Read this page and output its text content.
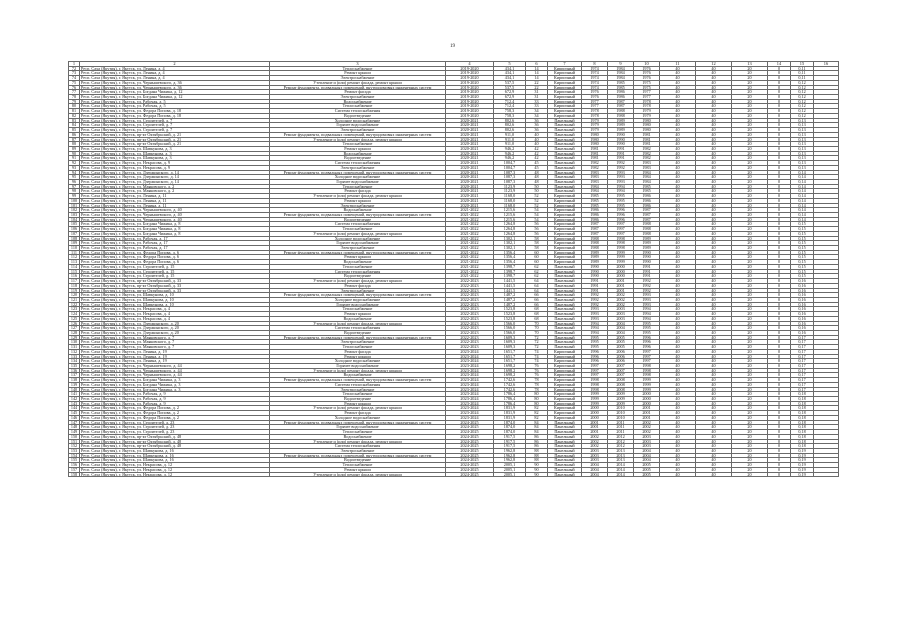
19
1	2	3	4	5	6	7	8	9	10	11	12	13	14	15	16
72	Респ. Саха (Якутия), г. Якутск, ул. Ленина, д. 4	Теплоснабжение	2019-2020	434,1	14	Кирпичный	1974	1984	1976	40	40	20	0	0,11	
73	Респ. Саха (Якутия), г. Якутск, ул. Ленина, д. 4	Ремонт крыши	2019-2020	434,1	14	Кирпичный	1974	1984	1976	40	40	20	0	0,11	
74	Респ. Саха (Якутия), г. Якутск, ул. Ленина, д. 4	Электроснабжение	2019-2020	434,1	14	Кирпичный	1974	1984	1976	40	40	20	0	0,11	
75	Респ. Саха (Якутия), г. Якутск, ул. Чернышевского, д. 36	Утепление и (или) ремонт фасада, ремонт крыши	2019-2020	537,5	22	Кирпичный	1974	1985	1975	40	40	20	0	0,12	
76	Респ. Саха (Якутия), г. Якутск, ул. Чернышевского, д. 36	Ремонт фундамента, подвальных помещений, внутридомовых инженерных систем	2019-2020	537,5	22	Кирпичный	1974	1985	1975	40	40	20	0	0,12	
77	Респ. Саха (Якутия), г. Якутск, ул. Богдана Чижика, д. 12	Ремонт фасада	2019-2020	672,9	31	Кирпичный	1976	1986	1977	40	40	20	0	0,12	
78	Респ. Саха (Якутия), г. Якутск, ул. Богдана Чижика, д. 12	Электроснабжение	2019-2020	672,9	31	Кирпичный	1976	1986	1977	40	40	20	0	0,12	
79	Респ. Саха (Якутия), г. Якутск, ул. Рабочая, д. 5	Водоснабжение	2019-2020	712,4	33	Кирпичный	1977	1987	1978	40	40	20	0	0,12	
80	Респ. Саха (Якутия), г. Якутск, ул. Рабочая, д. 5	Теплоснабжение	2019-2020	712,4	33	Кирпичный	1977	1987	1978	40	40	20	0	0,12	
81	Респ. Саха (Якутия), г. Якутск, ул. Федора Попова, д. 18	Система теплоснабжения	2019-2020	758,3	34	Кирпичный	1978	1988	1979	40	40	20	0	0,12	
82	Респ. Саха (Якутия), г. Якутск, ул. Федора Попова, д. 18	Водоотведение	2019-2020	758,3	34	Кирпичный	1978	1988	1979	40	40	20	0	0,12	
83	Респ. Саха (Якутия), г. Якутск, ул. Строителей, д. 7	Холодное водоснабжение	2020-2021	802,6	36	Панельный	1979	1989	1980	40	40	20	0	0,13	
84	Респ. Саха (Якутия), г. Якутск, ул. Строителей, д. 7	Горячее водоснабжение	2020-2021	802,6	36	Панельный	1979	1989	1980	40	40	20	0	0,13	
85	Респ. Саха (Якутия), г. Якутск, ул. Строителей, д. 7	Электроснабжение	2020-2021	802,6	36	Панельный	1979	1989	1980	40	40	20	0	0,13	
86	Респ. Саха (Якутия), г. Якутск, пр-кт Октябрьский, д. 21	Ремонт фундамента, подвальных помещений, внутридомовых инженерных систем	2020-2021	911,0	40	Панельный	1980	1990	1981	40	40	20	0	0,13	
87	Респ. Саха (Якутия), г. Якутск, пр-кт Октябрьский, д. 21	Утепление и (или) ремонт фасада, ремонт крыши	2020-2021	911,0	40	Панельный	1980	1990	1981	40	40	20	0	0,13	
88	Респ. Саха (Якутия), г. Якутск, пр-кт Октябрьский, д. 21	Теплоснабжение	2020-2021	911,0	40	Панельный	1980	1990	1981	40	40	20	0	0,13	
89	Респ. Саха (Якутия), г. Якутск, ул. Шавкунова, д. 3	Ремонт крыши	2020-2021	946,2	42	Панельный	1981	1991	1982	40	40	20	0	0,13	
90	Респ. Саха (Якутия), г. Якутск, ул. Шавкунова, д. 3	Водоснабжение	2020-2021	946,2	42	Панельный	1981	1991	1982	40	40	20	0	0,13	
91	Респ. Саха (Якутия), г. Якутск, ул. Шавкунова, д. 3	Водоотведение	2020-2021	946,2	42	Панельный	1981	1991	1982	40	40	20	0	0,13	
92	Респ. Саха (Якутия), г. Якутск, ул. Некрасова, д. 9	Система теплоснабжения	2020-2021	1004,7	45	Панельный	1982	1992	1983	40	40	20	0	0,13	
93	Респ. Саха (Якутия), г. Якутск, ул. Некрасова, д. 9	Электроснабжение	2020-2021	1004,7	45	Панельный	1982	1992	1983	40	40	20	0	0,13	
94	Респ. Саха (Якутия), г. Якутск, ул. Дзержинского, д. 14	Ремонт фундамента, подвальных помещений, внутридомовых инженерных систем	2020-2021	1087,3	48	Панельный	1983	1993	1984	40	40	20	0	0,14	
95	Респ. Саха (Якутия), г. Якутск, ул. Дзержинского, д. 14	Холодное водоснабжение	2020-2021	1087,3	48	Панельный	1983	1993	1984	40	40	20	0	0,14	
96	Респ. Саха (Якутия), г. Якутск, ул. Дзержинского, д. 14	Горячее водоснабжение	2020-2021	1087,3	48	Панельный	1983	1993	1984	40	40	20	0	0,14	
97	Респ. Саха (Якутия), г. Якутск, ул. Маяковского, д. 2	Теплоснабжение	2020-2021	1123,9	50	Панельный	1984	1994	1985	40	40	20	0	0,14	
98	Респ. Саха (Якутия), г. Якутск, ул. Маяковского, д. 2	Ремонт фасада	2020-2021	1123,9	50	Панельный	1984	1994	1985	40	40	20	0	0,14	
99	Респ. Саха (Якутия), г. Якутск, ул. Ленина, д. 11	Утепление и (или) ремонт фасада, ремонт крыши	2020-2021	1168,0	52	Кирпичный	1985	1995	1986	40	40	20	0	0,14	
100	Респ. Саха (Якутия), г. Якутск, ул. Ленина, д. 11	Ремонт крыши	2020-2021	1168,0	52	Кирпичный	1985	1995	1986	40	40	20	0	0,14	
101	Респ. Саха (Якутия), г. Якутск, ул. Ленина, д. 11	Электроснабжение	2020-2021	1168,0	52	Кирпичный	1985	1995	1986	40	40	20	0	0,14	
102	Респ. Саха (Якутия), г. Якутск, ул. Чернышевского, д. 40	Водоснабжение	2021-2022	1215,6	54	Кирпичный	1986	1996	1987	40	40	20	0	0,14	
103	Респ. Саха (Якутия), г. Якутск, ул. Чернышевского, д. 40	Ремонт фундамента, подвальных помещений, внутридомовых инженерных систем	2021-2022	1215,6	54	Кирпичный	1986	1996	1987	40	40	20	0	0,14	
104	Респ. Саха (Якутия), г. Якутск, ул. Чернышевского, д. 40	Водоотведение	2021-2022	1215,6	54	Кирпичный	1986	1996	1987	40	40	20	0	0,14	
105	Респ. Саха (Якутия), г. Якутск, ул. Богдана Чижика, д. 8	Система теплоснабжения	2021-2022	1264,8	56	Кирпичный	1987	1997	1988	40	40	20	0	0,15	
106	Респ. Саха (Якутия), г. Якутск, ул. Богдана Чижика, д. 8	Теплоснабжение	2021-2022	1264,8	56	Кирпичный	1987	1997	1988	40	40	20	0	0,15	
107	Респ. Саха (Якутия), г. Якутск, ул. Богдана Чижика, д. 8	Утепление и (или) ремонт фасада, ремонт крыши	2021-2022	1264,8	56	Кирпичный	1987	1997	1988	40	40	20	0	0,15	
108	Респ. Саха (Якутия), г. Якутск, ул. Рабочая, д. 17	Холодное водоснабжение	2021-2022	1302,1	58	Кирпичный	1988	1998	1989	40	40	20	0	0,15	
109	Респ. Саха (Якутия), г. Якутск, ул. Рабочая, д. 17	Горячее водоснабжение	2021-2022	1302,1	58	Кирпичный	1988	1998	1989	40	40	20	0	0,15	
110	Респ. Саха (Якутия), г. Якутск, ул. Рабочая, д. 17	Электроснабжение	2021-2022	1302,1	58	Кирпичный	1988	1998	1989	40	40	20	0	0,15	
111	Респ. Саха (Якутия), г. Якутск, ул. Федора Попова, д. 6	Ремонт фундамента, подвальных помещений, внутридомовых инженерных систем	2021-2022	1356,4	60	Кирпичный	1989	1999	1990	40	40	20	0	0,15	
112	Респ. Саха (Якутия), г. Якутск, ул. Федора Попова, д. 6	Ремонт крыши	2021-2022	1356,4	60	Кирпичный	1989	1999	1990	40	40	20	0	0,15	
113	Респ. Саха (Якутия), г. Якутск, ул. Федора Попова, д. 6	Водоснабжение	2021-2022	1356,4	60	Кирпичный	1989	1999	1990	40	40	20	0	0,15	
114	Респ. Саха (Якутия), г. Якутск, ул. Строителей, д. 15	Теплоснабжение	2021-2022	1398,7	62	Панельный	1990	2000	1991	40	40	20	0	0,15	
115	Респ. Саха (Якутия), г. Якутск, ул. Строителей, д. 15	Система теплоснабжения	2021-2022	1398,7	62	Панельный	1990	2000	1991	40	40	20	0	0,15	
116	Респ. Саха (Якутия), г. Якутск, ул. Строителей, д. 15	Водоотведение	2021-2022	1398,7	62	Панельный	1990	2000	1991	40	40	20	0	0,15	
117	Респ. Саха (Якутия), г. Якутск, пр-кт Октябрьский, д. 33	Утепление и (или) ремонт фасада, ремонт крыши	2022-2023	1441,5	64	Панельный	1991	2001	1992	40	40	20	0	0,16	
118	Респ. Саха (Якутия), г. Якутск, пр-кт Октябрьский, д. 33	Ремонт фасада	2022-2023	1441,5	64	Панельный	1991	2001	1992	40	40	20	0	0,16	
119	Респ. Саха (Якутия), г. Якутск, пр-кт Октябрьский, д. 33	Электроснабжение	2022-2023	1441,5	64	Панельный	1991	2001	1992	40	40	20	0	0,16	
120	Респ. Саха (Якутия), г. Якутск, ул. Шавкунова, д. 10	Ремонт фундамента, подвальных помещений, внутридомовых инженерных систем	2022-2023	1487,2	66	Панельный	1992	2002	1993	40	40	20	0	0,16	
121	Респ. Саха (Якутия), г. Якутск, ул. Шавкунова, д. 10	Холодное водоснабжение	2022-2023	1487,2	66	Панельный	1992	2002	1993	40	40	20	0	0,16	
122	Респ. Саха (Якутия), г. Якутск, ул. Шавкунова, д. 10	Горячее водоснабжение	2022-2023	1487,2	66	Панельный	1992	2002	1993	40	40	20	0	0,16	
123	Респ. Саха (Якутия), г. Якутск, ул. Некрасова, д. 4	Теплоснабжение	2022-2023	1523,8	68	Панельный	1993	2003	1994	40	40	20	0	0,16	
124	Респ. Саха (Якутия), г. Якутск, ул. Некрасова, д. 4	Ремонт крыши	2022-2023	1523,8	68	Панельный	1993	2003	1994	40	40	20	0	0,16	
125	Респ. Саха (Якутия), г. Якутск, ул. Некрасова, д. 4	Водоснабжение	2022-2023	1523,8	68	Панельный	1993	2003	1994	40	40	20	0	0,16	
126	Респ. Саха (Якутия), г. Якутск, ул. Дзержинского, д. 20	Утепление и (или) ремонт фасада, ремонт крыши	2022-2023	1566,0	70	Панельный	1994	2004	1995	40	40	20	0	0,16	
127	Респ. Саха (Якутия), г. Якутск, ул. Дзержинского, д. 20	Система теплоснабжения	2022-2023	1566,0	70	Панельный	1994	2004	1995	40	40	20	0	0,16	
128	Респ. Саха (Якутия), г. Якутск, ул. Дзержинского, д. 20	Водоотведение	2022-2023	1566,0	70	Панельный	1994	2004	1995	40	40	20	0	0,16	
129	Респ. Саха (Якутия), г. Якутск, ул. Маяковского, д. 7	Ремонт фундамента, подвальных помещений, внутридомовых инженерных систем	2022-2023	1609,3	72	Панельный	1995	2005	1996	40	40	20	0	0,17	
130	Респ. Саха (Якутия), г. Якутск, ул. Маяковского, д. 7	Электроснабжение	2022-2023	1609,3	72	Панельный	1995	2005	1996	40	40	20	0	0,17	
131	Респ. Саха (Якутия), г. Якутск, ул. Маяковского, д. 7	Теплоснабжение	2022-2023	1609,3	72	Панельный	1995	2005	1996	40	40	20	0	0,17	
132	Респ. Саха (Якутия), г. Якутск, ул. Ленина, д. 19	Ремонт фасада	2023-2024	1651,7	74	Кирпичный	1996	2006	1997	40	40	20	0	0,17	
133	Респ. Саха (Якутия), г. Якутск, ул. Ленина, д. 19	Ремонт крыши	2023-2024	1651,7	74	Кирпичный	1996	2006	1997	40	40	20	0	0,17	
134	Респ. Саха (Якутия), г. Якутск, ул. Ленина, д. 19	Холодное водоснабжение	2023-2024	1651,7	74	Кирпичный	1996	2006	1997	40	40	20	0	0,17	
135	Респ. Саха (Якутия), г. Якутск, ул. Чернышевского, д. 44	Горячее водоснабжение	2023-2024	1698,2	76	Кирпичный	1997	2007	1998	40	40	20	0	0,17	
136	Респ. Саха (Якутия), г. Якутск, ул. Чернышевского, д. 44	Утепление и (или) ремонт фасада, ремонт крыши	2023-2024	1698,2	76	Кирпичный	1997	2007	1998	40	40	20	0	0,17	
137	Респ. Саха (Якутия), г. Якутск, ул. Чернышевского, д. 44	Водоснабжение	2023-2024	1698,2	76	Кирпичный	1997	2007	1998	40	40	20	0	0,17	
138	Респ. Саха (Якутия), г. Якутск, ул. Богдана Чижика, д. 3	Ремонт фундамента, подвальных помещений, внутридомовых инженерных систем	2023-2024	1742,6	78	Кирпичный	1998	2008	1999	40	40	20	0	0,17	
139	Респ. Саха (Якутия), г. Якутск, ул. Богдана Чижика, д. 3	Система теплоснабжения	2023-2024	1742,6	78	Кирпичный	1998	2008	1999	40	40	20	0	0,17	
140	Респ. Саха (Якутия), г. Якутск, ул. Богдана Чижика, д. 3	Электроснабжение	2023-2024	1742,6	78	Кирпичный	1998	2008	1999	40	40	20	0	0,17	
141	Респ. Саха (Якутия), г. Якутск, ул. Рабочая, д. 9	Теплоснабжение	2023-2024	1786,4	80	Кирпичный	1999	2009	2000	40	40	20	0	0,18	
142	Респ. Саха (Якутия), г. Якутск, ул. Рабочая, д. 9	Водоотведение	2023-2024	1786,4	80	Кирпичный	1999	2009	2000	40	40	20	0	0,18	
143	Респ. Саха (Якутия), г. Якутск, ул. Рабочая, д. 9	Ремонт крыши	2023-2024	1786,4	80	Кирпичный	1999	2009	2000	40	40	20	0	0,18	
144	Респ. Саха (Якутия), г. Якутск, ул. Федора Попова, д. 2	Утепление и (или) ремонт фасада, ремонт крыши	2023-2024	1831,9	82	Кирпичный	2000	2010	2001	40	40	20	0	0,18	
145	Респ. Саха (Якутия), г. Якутск, ул. Федора Попова, д. 2	Ремонт фасада	2023-2024	1831,9	82	Кирпичный	2000	2010	2001	40	40	20	0	0,18	
146	Респ. Саха (Якутия), г. Якутск, ул. Федора Попова, д. 2	Холодное водоснабжение	2023-2024	1831,9	82	Кирпичный	2000	2010	2001	40	40	20	0	0,18	
147	Респ. Саха (Якутия), г. Якутск, ул. Строителей, д. 23	Ремонт фундамента, подвальных помещений, внутридомовых инженерных систем	2024-2025	1874,0	84	Панельный	2001	2011	2002	40	40	20	0	0,18	
148	Респ. Саха (Якутия), г. Якутск, ул. Строителей, д. 23	Горячее водоснабжение	2024-2025	1874,0	84	Панельный	2001	2011	2002	40	40	20	0	0,18	
149	Респ. Саха (Якутия), г. Якутск, ул. Строителей, д. 23	Теплоснабжение	2024-2025	1874,0	84	Панельный	2001	2011	2002	40	40	20	0	0,18	
150	Респ. Саха (Якутия), г. Якутск, пр-кт Октябрьский, д. 48	Водоснабжение	2024-2025	1917,5	86	Панельный	2002	2012	2003	40	40	20	0	0,18	
151	Респ. Саха (Якутия), г. Якутск, пр-кт Октябрьский, д. 48	Утепление и (или) ремонт фасада, ремонт крыши	2024-2025	1917,5	86	Панельный	2002	2012	2003	40	40	20	0	0,18	
152	Респ. Саха (Якутия), г. Якутск, пр-кт Октябрьский, д. 48	Система теплоснабжения	2024-2025	1917,5	86	Панельный	2002	2012	2003	40	40	20	0	0,18	
153	Респ. Саха (Якутия), г. Якутск, ул. Шавкунова, д. 16	Электроснабжение	2024-2025	1962,8	88	Панельный	2003	2013	2004	40	40	20	0	0,19	
154	Респ. Саха (Якутия), г. Якутск, ул. Шавкунова, д. 16	Ремонт фундамента, подвальных помещений, внутридомовых инженерных систем	2024-2025	1962,8	88	Панельный	2003	2013	2004	40	40	20	0	0,19	
155	Респ. Саха (Якутия), г. Якутск, ул. Шавкунова, д. 16	Водоотведение	2024-2025	1962,8	88	Панельный	2003	2013	2004	40	40	20	0	0,19	
156	Респ. Саха (Якутия), г. Якутск, ул. Некрасова, д. 12	Теплоснабжение	2024-2025	2005,1	90	Панельный	2004	2014	2005	40	40	20	0	0,19	
157	Респ. Саха (Якутия), г. Якутск, ул. Некрасова, д. 12	Ремонт крыши	2024-2025	2005,1	90	Панельный	2004	2014	2005	40	40	20	0	0,19	
158	Респ. Саха (Якутия), г. Якутск, ул. Некрасова, д. 12	Утепление и (или) ремонт фасада, ремонт крыши	2024-2025	2005,1	90	Панельный	2004	2014	2005	40	40	20	0	0,19	
